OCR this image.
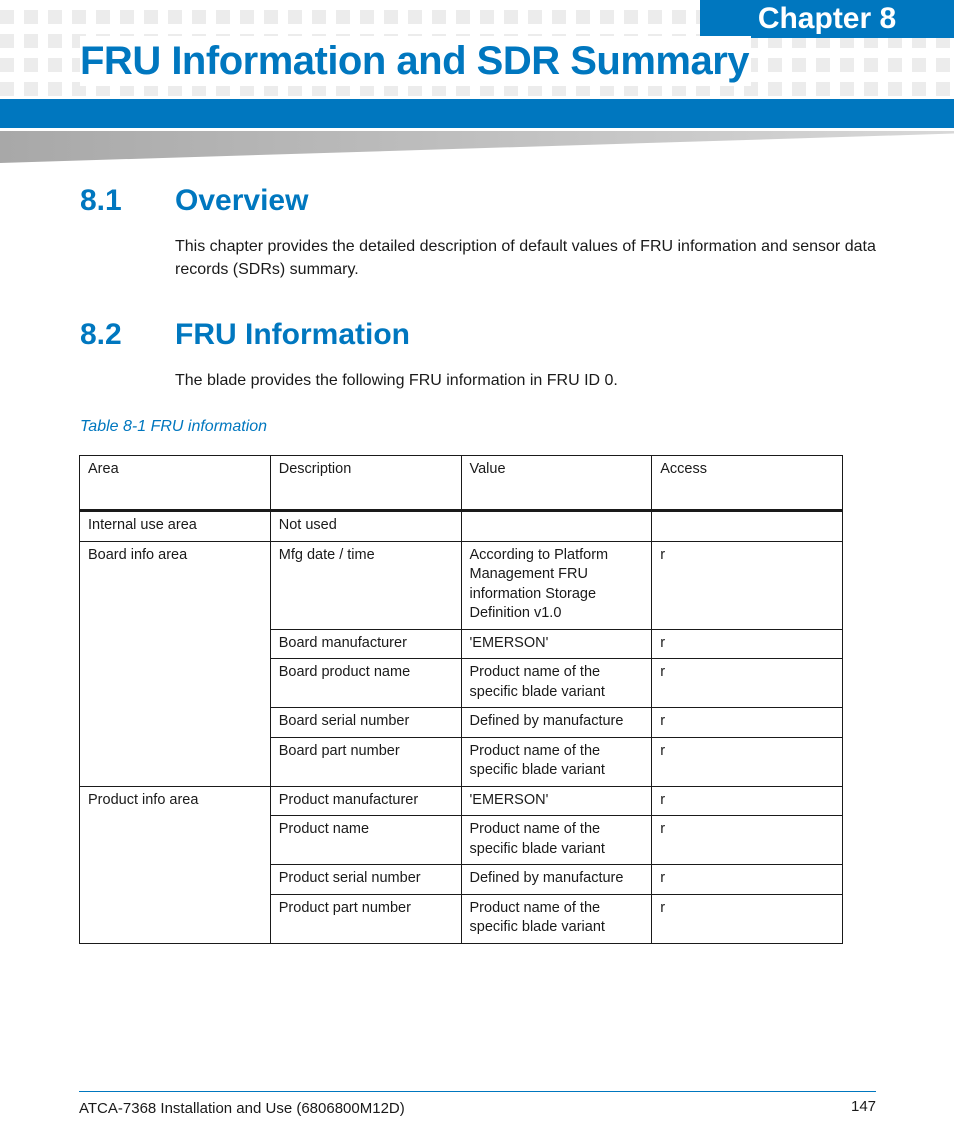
Chapter 8
FRU Information and SDR Summary
8.1 Overview
This chapter provides the detailed description of default values of FRU information and sensor data records (SDRs) summary.
8.2 FRU Information
The blade provides the following FRU information in FRU ID 0.
Table 8-1 FRU information
Area	Description	Value	Access
Internal use area	Not used		
Board info area	Mfg date / time	According to Platform Management FRU information Storage Definition v1.0	r
	Board manufacturer	'EMERSON'	r
	Board product name	Product name of the specific blade variant	r
	Board serial number	Defined by manufacture	r
	Board part number	Product name of the specific blade variant	r
Product info area	Product manufacturer	'EMERSON'	r
	Product name	Product name of the specific blade variant	r
	Product serial number	Defined by manufacture	r
	Product part number	Product name of the specific blade variant	r
ATCA-7368 Installation and Use (6806800M12D)	147
